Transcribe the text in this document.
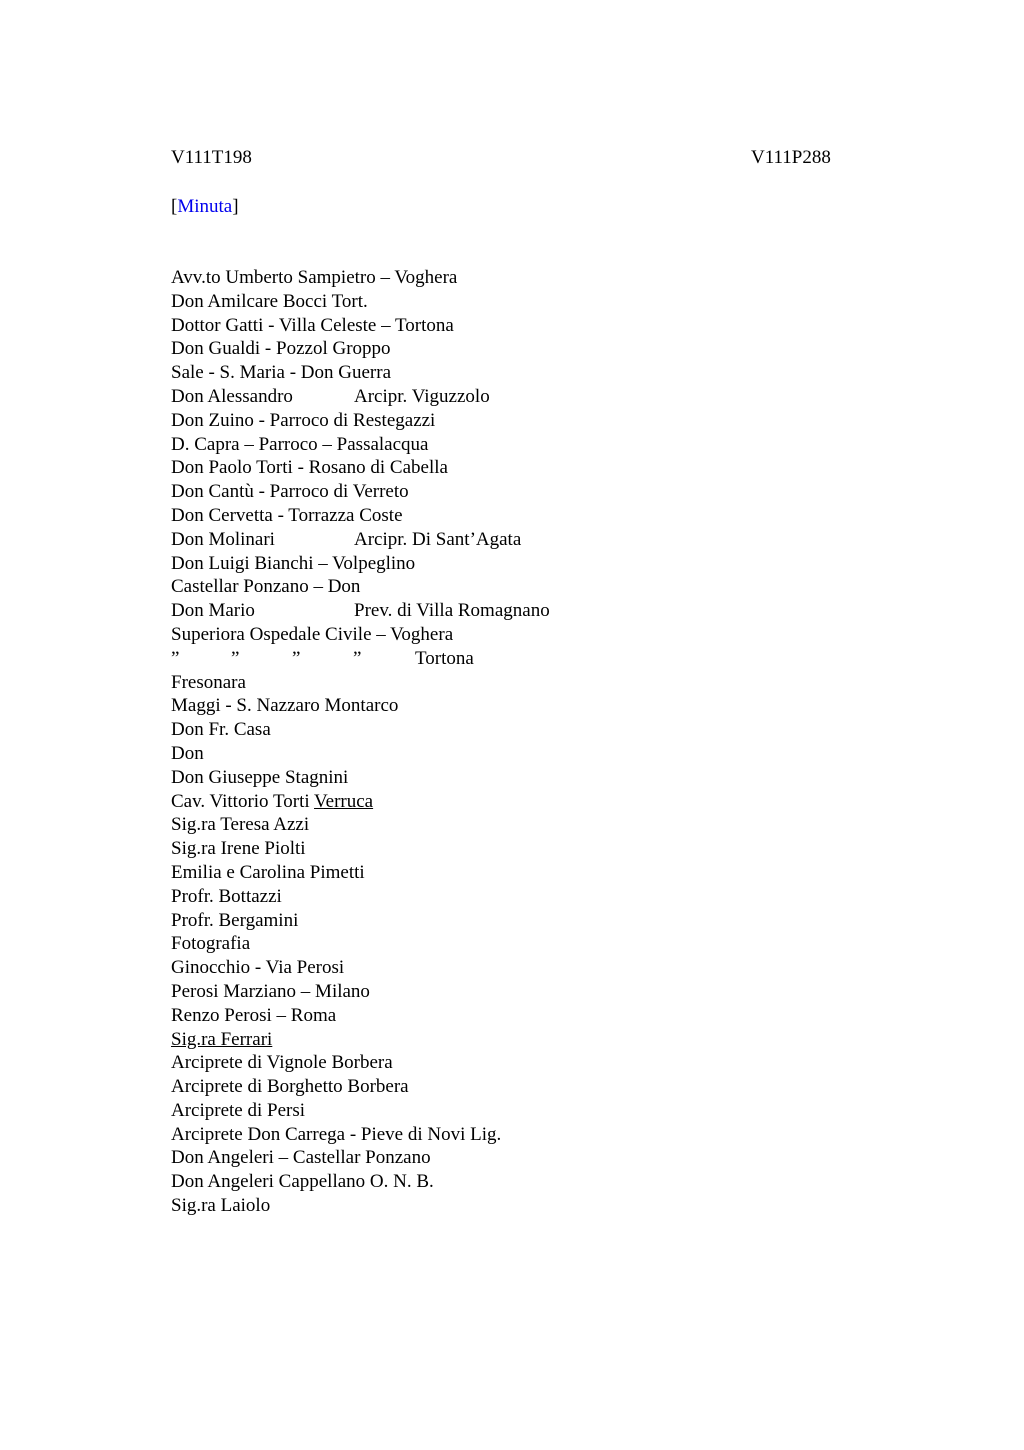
V111T198	V111P288
[Minuta]
Avv.to Umberto Sampietro – Voghera
Don Amilcare Bocci Tort.
Dottor Gatti - Villa Celeste – Tortona
Don Gualdi - Pozzol Groppo
Sale - S. Maria - Don Guerra
Don Alessandro	Arcipr. Viguzzolo
Don Zuino - Parroco di Restegazzi
D. Capra – Parroco – Passalacqua
Don Paolo Torti - Rosano di Cabella
Don Cantù - Parroco di Verreto
Don Cervetta - Torrazza Coste
Don Molinari	Arcipr. Di Sant’Agata
Don Luigi Bianchi – Volpeglino
Castellar Ponzano – Don
Don Mario	Prev. di Villa Romagnano
Superiora Ospedale Civile – Voghera
”	”	”	”	Tortona
Fresonara
Maggi - S. Nazzaro Montarco
Don Fr. Casa
Don
Don Giuseppe Stagnini
Cav. Vittorio Torti Verruca
Sig.ra Teresa Azzi
Sig.ra Irene Piolti
Emilia e Carolina Pimetti
Profr. Bottazzi
Profr. Bergamini
Fotografia
Ginocchio - Via Perosi
Perosi Marziano – Milano
Renzo Perosi – Roma
Sig.ra Ferrari
Arciprete di Vignole Borbera
Arciprete di Borghetto Borbera
Arciprete di Persi
Arciprete Don Carrega - Pieve di Novi Lig.
Don Angeleri – Castellar Ponzano
Don Angeleri Cappellano O. N. B.
Sig.ra Laiolo
